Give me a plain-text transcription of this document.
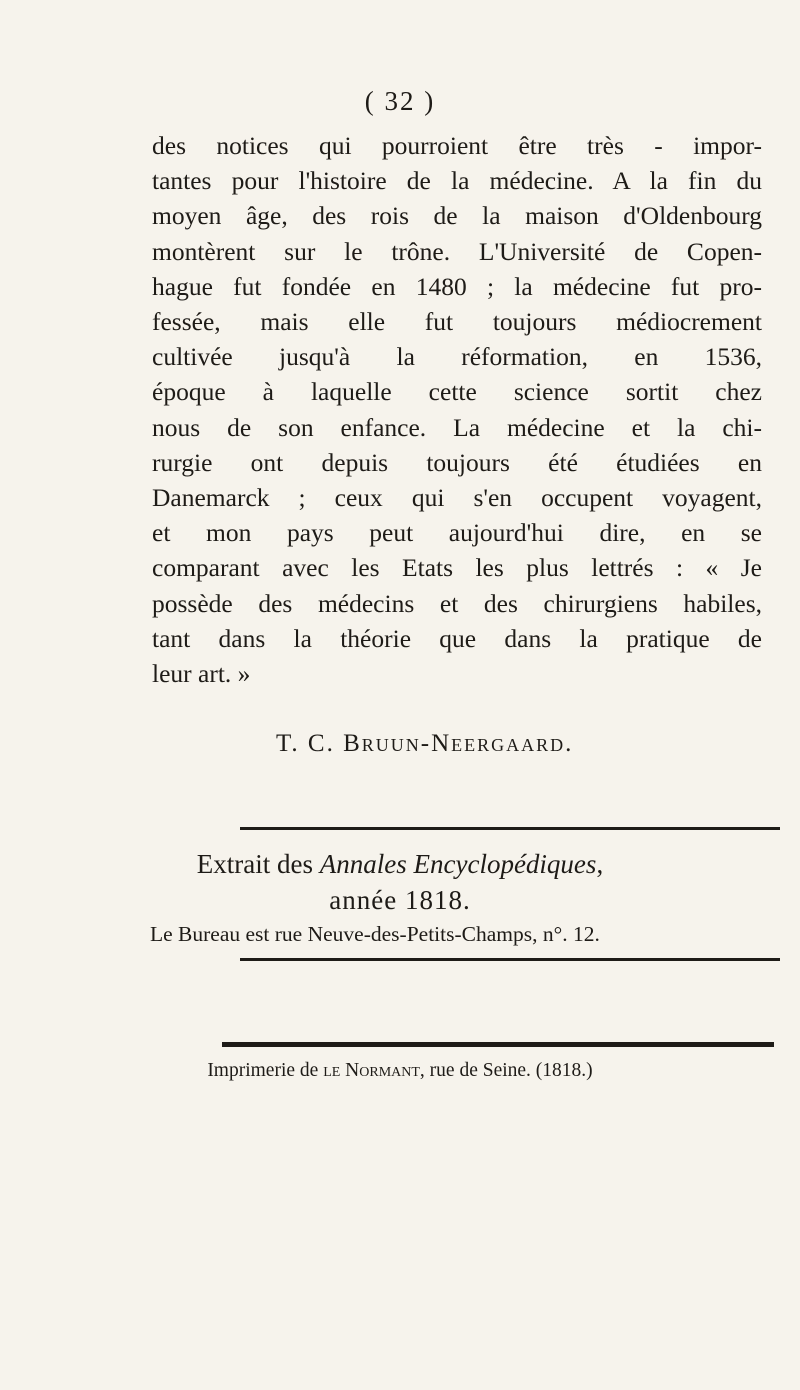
( 32 )
des notices qui pourroient être très - impor-
tantes pour l'histoire de la médecine. A la fin du
moyen âge, des rois de la maison d'Oldenbourg
montèrent sur le trône. L'Université de Copen-
hague fut fondée en 1480 ; la médecine fut pro-
fessée, mais elle fut toujours médiocrement
cultivée jusqu'à la réformation, en 1536,
époque à laquelle cette science sortit chez
nous de son enfance. La médecine et la chi-
rurgie ont depuis toujours été étudiées en
Danemarck ; ceux qui s'en occupent voyagent,
et mon pays peut aujourd'hui dire, en se
comparant avec les Etats les plus lettrés : « Je
possède des médecins et des chirurgiens habiles,
tant dans la théorie que dans la pratique de
leur art. »
T. C. Bruun-Neergaard.
Extrait des Annales Encyclopédiques,
année 1818.
Le Bureau est rue Neuve-des-Petits-Champs, n°. 12.
Imprimerie de le Normant, rue de Seine. (1818.)
